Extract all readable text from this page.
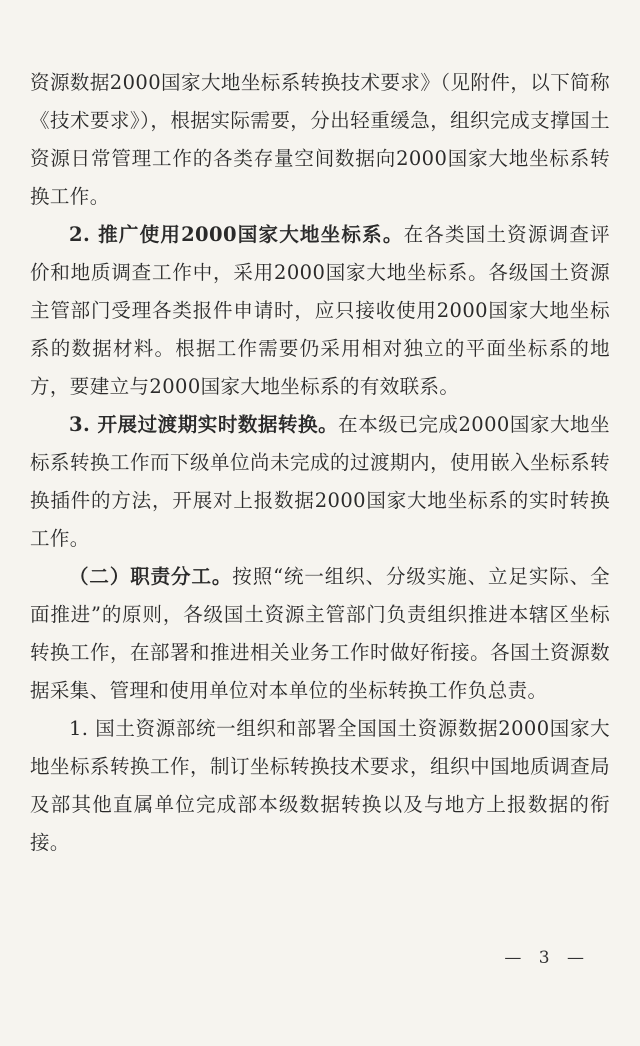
资源数据2000国家大地坐标系转换技术要求》（见附件，以下简称《技术要求》），根据实际需要，分出轻重缓急，组织完成支撑国土资源日常管理工作的各类存量空间数据向2000国家大地坐标系转换工作。

2. 推广使用2000国家大地坐标系。在各类国土资源调查评价和地质调查工作中，采用2000国家大地坐标系。各级国土资源主管部门受理各类报件申请时，应只接收使用2000国家大地坐标系的数据材料。根据工作需要仍采用相对独立的平面坐标系的地方，要建立与2000国家大地坐标系的有效联系。

3. 开展过渡期实时数据转换。在本级已完成2000国家大地坐标系转换工作而下级单位尚未完成的过渡期内，使用嵌入坐标系转换插件的方法，开展对上报数据2000国家大地坐标系的实时转换工作。

（二）职责分工。按照“统一组织、分级实施、立足实际、全面推进”的原则，各级国土资源主管部门负责组织推进本辖区坐标转换工作，在部署和推进相关业务工作时做好衔接。各国土资源数据采集、管理和使用单位对本单位的坐标转换工作负总责。

1. 国土资源部统一组织和部署全国国土资源数据2000国家大地坐标系转换工作，制订坐标转换技术要求，组织中国地质调查局及部其他直属单位完成部本级数据转换以及与地方上报数据的衔接。

— 3 —
